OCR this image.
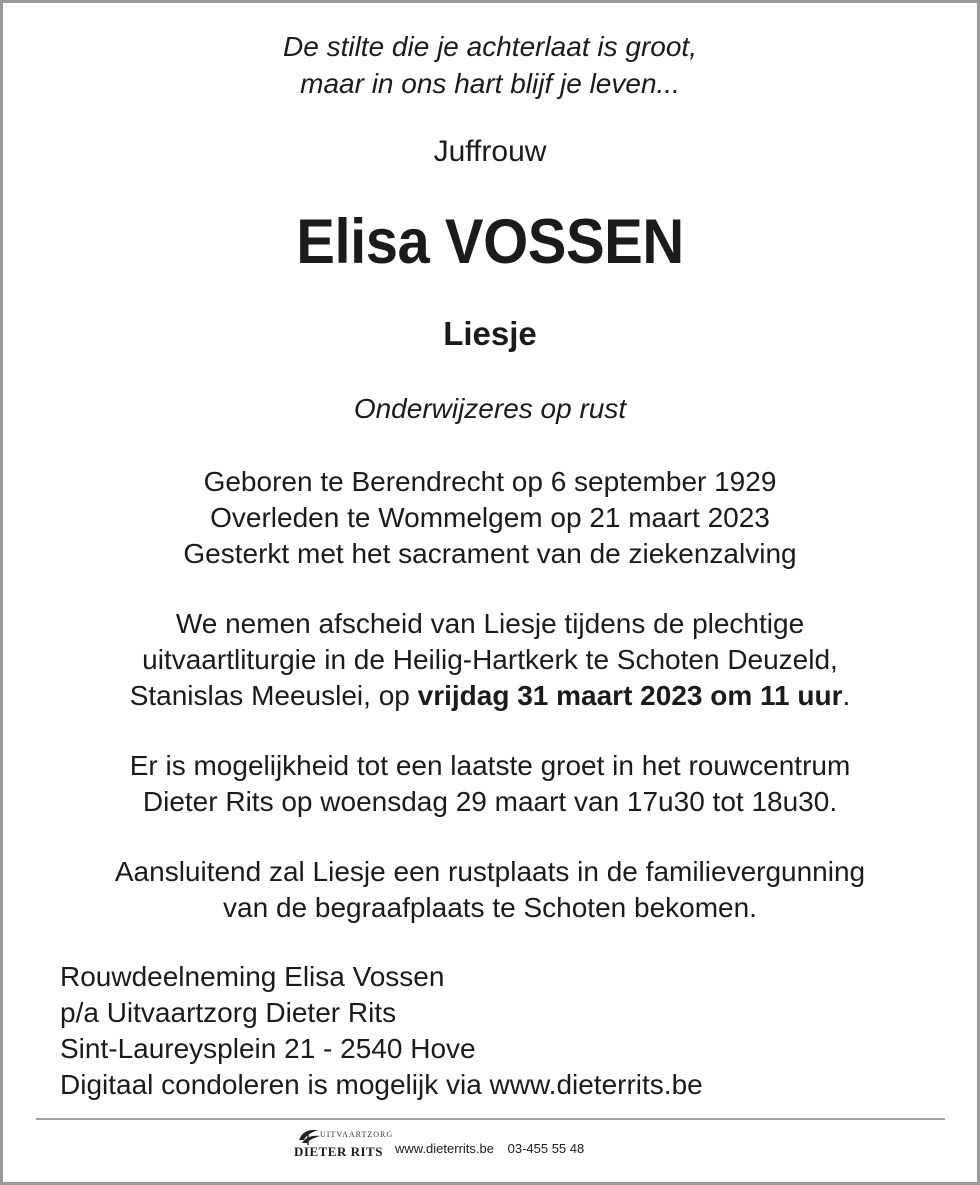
De stilte die je achterlaat is groot,
maar in ons hart blijf je leven...
Juffrouw
Elisa VOSSEN
Liesje
Onderwijzeres op rust
Geboren te Berendrecht op 6 september 1929
Overleden te Wommelgem op 21 maart 2023
Gesterkt met het sacrament van de ziekenzalving
We nemen afscheid van Liesje tijdens de plechtige
uitvaartliturgie in de Heilig-Hartkerk te Schoten Deuzeld,
Stanislas Meeuslei, op vrijdag 31 maart 2023 om 11 uur.
Er is mogelijkheid tot een laatste groet in het rouwcentrum
Dieter Rits op woensdag 29 maart van 17u30 tot 18u30.
Aansluitend zal Liesje een rustplaats in de familievergunning
van de begraafplaats te Schoten bekomen.
Rouwdeelneming Elisa Vossen
p/a Uitvaartzorg Dieter Rits
Sint-Laureysplein 21 - 2540 Hove
Digitaal condoleren is mogelijk via www.dieterrits.be
UITVAARTZORG
DIETER RITS www.dieterrits.be 03-455 55 48
